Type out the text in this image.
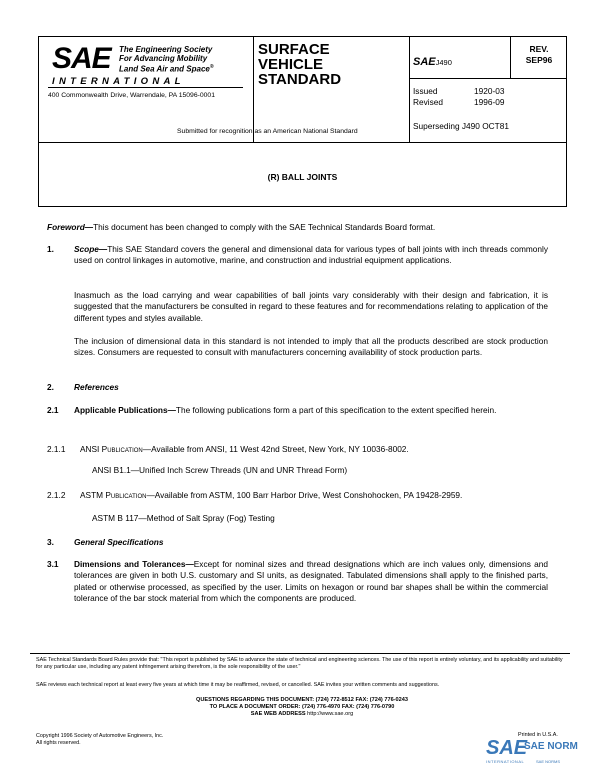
SAE The Engineering Society
For Advancing Mobility
Land Sea Air and Space®
INTERNATIONAL
400 Commonwealth Drive, Warrendale, PA 15096-0001
SURFACE
VEHICLE
STANDARD
Submitted for recognition as an American National Standard
SAEJ490
REV.
SEP96
Issued	1920-03
Revised	1996-09
Superseding J490 OCT81
(R) BALL JOINTS
Foreword—This document has been changed to comply with the SAE Technical Standards Board format.
1. Scope—This SAE Standard covers the general and dimensional data for various types of ball joints with inch threads commonly used on control linkages in automotive, marine, and construction and industrial equipment applications.
Inasmuch as the load carrying and wear capabilities of ball joints vary considerably with their design and fabrication, it is suggested that the manufacturers be consulted in regard to these features and for recommendations relating to application of the different types and styles available.
The inclusion of dimensional data in this standard is not intended to imply that all the products described are stock production sizes. Consumers are requested to consult with manufacturers concerning availability of stock production parts.
2. References
2.1 Applicable Publications—The following publications form a part of this specification to the extent specified herein.
2.1.1 ANSI Publication—Available from ANSI, 11 West 42nd Street, New York, NY 10036-8002.
ANSI B1.1—Unified Inch Screw Threads (UN and UNR Thread Form)
2.1.2 ASTM Publication—Available from ASTM, 100 Barr Harbor Drive, West Conshohocken, PA 19428-2959.
ASTM B 117—Method of Salt Spray (Fog) Testing
3. General Specifications
3.1 Dimensions and Tolerances—Except for nominal sizes and thread designations which are inch values only, dimensions and tolerances are given in both U.S. customary and SI units, as designated. Tabulated dimensions shall apply to the finished parts, plated or otherwise processed, as specified by the user. Limits on hexagon or round bar shapes shall be within the commercial tolerance of the bar stock material from which the components are produced.
SAE Technical Standards Board Rules provide that: "This report is published by SAE to advance the state of technical and engineering sciences. The use of this report is entirely voluntary, and its applicability and suitability for any particular use, including any patent infringement arising therefrom, is the sole responsibility of the user."
SAE reviews each technical report at least every five years at which time it may be reaffirmed, revised, or cancelled. SAE invites your written comments and suggestions.
QUESTIONS REGARDING THIS DOCUMENT: (724) 772-8512 FAX: (724) 776-0243
TO PLACE A DOCUMENT ORDER: (724) 776-4970 FAX: (724) 776-0790
SAE WEB ADDRESS http://www.sae.org
Copyright 1996 Society of Automotive Engineers, Inc.
All rights reserved.
Printed in U.S.A.
SAE
SAE NORM
INTERNATIONAL	SAE NORMS
